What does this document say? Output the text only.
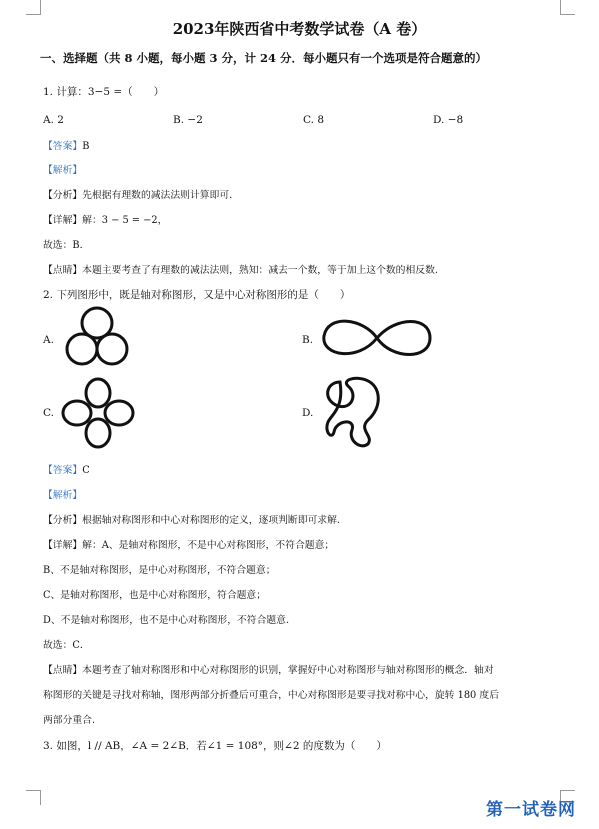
2023年陕西省中考数学试卷（A 卷）
一、选择题（共 8 小题，每小题 3 分，计 24 分．每小题只有一个选项是符合题意的）
1. 计算：3−5 =（　　）
A. 2	B. −2	C. 8	D. −8
【答案】B
【解析】
【分析】先根据有理数的减法法则计算即可.
【详解】解：3 − 5 = −2，
故选：B．
【点睛】本题主要考查了有理数的减法法则，熟知：减去一个数，等于加上这个数的相反数.
2. 下列图形中，既是轴对称图形，又是中心对称图形的是（　　）
A.	B.
C.	D.
【答案】C
【解析】
【分析】根据轴对称图形和中心对称图形的定义，逐项判断即可求解.
【详解】解：A、是轴对称图形，不是中心对称图形，不符合题意；
B、不是轴对称图形，是中心对称图形，不符合题意；
C、是轴对称图形，也是中心对称图形，符合题意；
D、不是轴对称图形，也不是中心对称图形，不符合题意.
故选：C．
【点睛】本题考查了轴对称图形和中心对称图形的识别，掌握好中心对称图形与轴对称图形的概念．轴对
称图形的关键是寻找对称轴，图形两部分折叠后可重合，中心对称图形是要寻找对称中心，旋转 180 度后
两部分重合.
3. 如图，l // AB，∠A = 2∠B．若∠1 = 108°，则∠2 的度数为（　　）
第一试卷网
